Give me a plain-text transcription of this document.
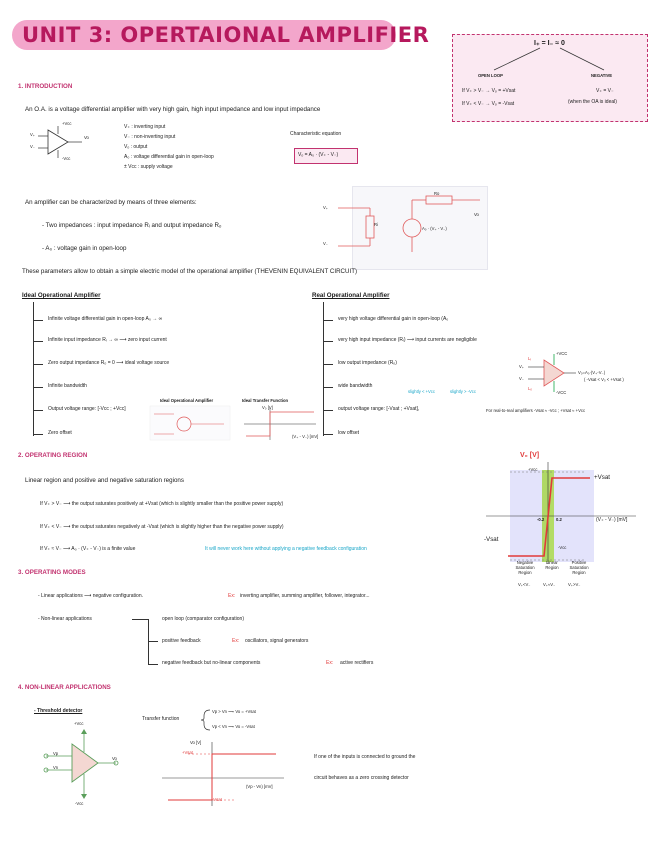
UNIT 3: OPERTAIONAL AMPLIFIER	I₊ = I₋ ≈ 0
OPEN LOOP
If V₊ > V₋ → Vₒ = +Vsat
If V₊ < V₋ → Vₒ = -Vsat
NEGATIVE
V₊ = V₋
(when the OA is ideal)
1. INTRODUCTION
An O.A. is a voltage differential amplifier with very high gain, high input impedance and low input impedance
V₊
V₋
+Vcc
-Vcc
Vo
V₊ : inverting input
V₋ : non-inverting input
Vₒ : output
A₀ : voltage differential gain in open-loop
± Vcc : supply voltage
Characteristic equation
Vₒ = A₀ · (V₊ - V₋)
An amplifier can be characterized by means of three elements:
- Two impedances : input impedance Rᵢ and output impedance Rₒ
- A₀ : voltage gain in open-loop
V₊
V₋
Ri
Ro
A₀ · (V₊ - V₋)
Vo
These parameters allow to obtain a simple electric model of the operational amplifier (THEVENIN EQUIVALENT CIRCUIT)
Ideal Operational Amplifier
Infinite voltage differential gain in open-loop A₀ → ∞
Infinite input impedance Rᵢ → ∞ ⟶ zero input current
Zero output impedance Rₒ = 0 ⟶ ideal voltage source
Infinite bandwidth
Output voltage range: [-Vcc ; +Vcc]
Zero offset
Ideal Operational Amplifier	Ideal Transfer Function
V₀ [V]
(V₊ - V₋) [mV]
Real Operational Amplifier
very high voltage differential gain in open-loop (A₀
very high input impedance (Rᵢ) ⟶ input currents are negligible
low output impedance (Rₒ)
wide bandwidth
output voltage range: [-Vsat ; +Vsat],
low offset
slightly < +Vcc	slightly > -Vcc
For real-to-real amplifiers -Vsat ≈ -Vcc ; +Vsat ≈ +Vcc
+VCC
-VCC
V₊
V₋
V₀=A₀·(V₊-V₋)
( -Vsat < V₀ < +Vsat )
Lᵢ
Lₒ
2. OPERATING REGION
Linear region and positive and negative saturation regions
If V₊ > V₋ ⟶ the output saturates positively at +Vsat (which is slightly smaller than the positive power supply)
If V₊ < V₋ ⟶ the output saturates negatively at -Vsat (which is slightly higher than the negative power supply)
If V₊ ≈ V₋ ⟶ A₀ · (V₊ - V₋) is a finite value	It will never work here without applying a negative feedback configuration
V₀ [V]
+Vcc
+Vsat
-Vsat
-Vcc
-0.2	0.2	(V₊ - V₋) [mV]
Negative Saturation Region
Linear Region
Positive Saturation Region
V₊<V₋	V₊≈V₋	V₊>V₋
3. OPERATING MODES
- Linear applications ⟶ negative configuration.	Ex: inverting amplifier, summing amplifier, follower, integrator...
- Non-linear applications	open loop (comparator configuration)
positive feedback	Ex: oscillators, signal generators
negative feedback but no-linear components	Ex: active rectifiers
4. NON-LINEAR APPLICATIONS
- Threshold detector
Transfer function
Vp > Vn ⟶ Vo = +Vsat
Vp < Vn ⟶ Vo = -Vsat
+Vcc
-Vcc
Vp
Vn
Vo
Vo [V]
(Vp - Vn) [mV]
+Vsat
-Vsat
If one of the inputs is connected to ground the
circuit behaves as a zero crossing detector
